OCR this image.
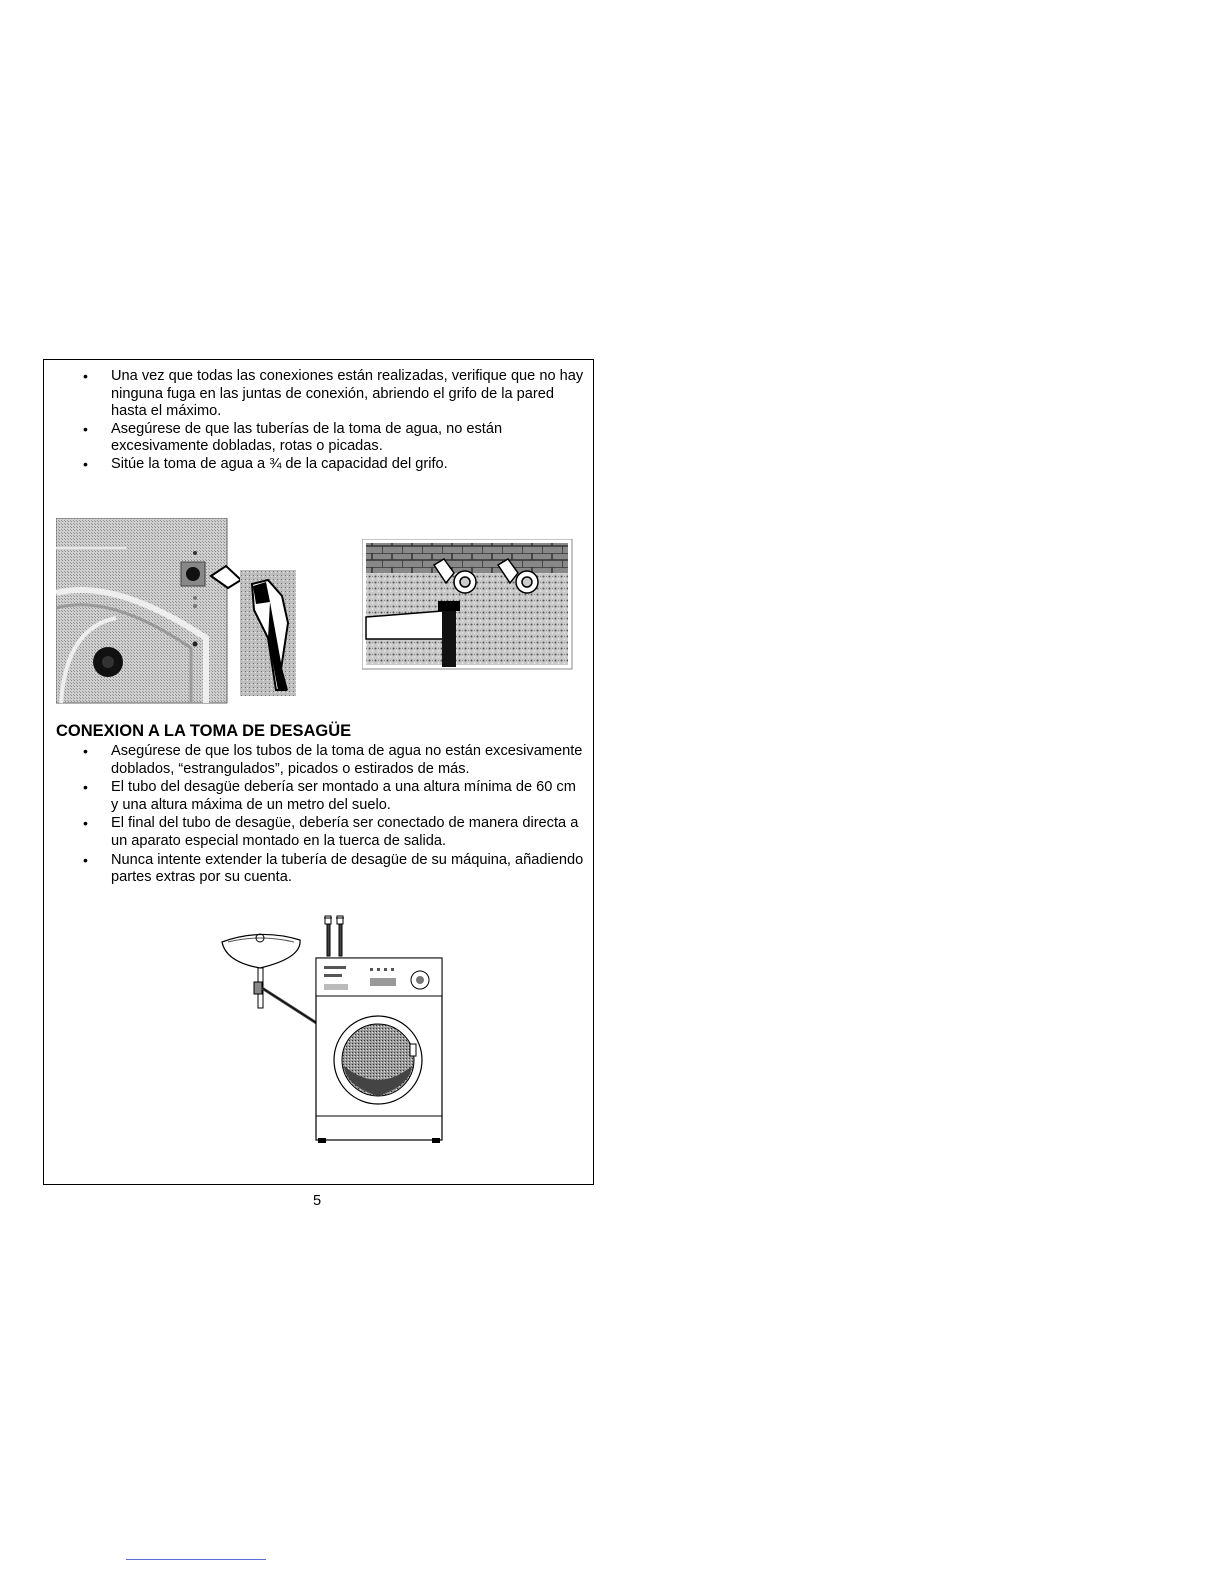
• Una vez que todas las conexiones están realizadas, verifique que no hay ninguna fuga en las juntas de conexión, abriendo el grifo de la pared hasta el máximo.
• Asegúrese de que las tuberías de la toma de agua, no están excesivamente dobladas, rotas o picadas.
• Sitúe la toma de agua a ¾ de la capacidad del grifo.
CONEXION A LA TOMA DE DESAGÜE
• Asegúrese de que los tubos de la toma de agua no están excesivamente doblados, “estrangulados”, picados o estirados de más.
• El tubo del desagüe debería ser montado a una altura mínima de 60 cm y una altura máxima de un metro del suelo.
• El final del tubo de desagüe, debería ser conectado de manera directa a un aparato especial montado en la tuerca de salida.
• Nunca intente extender la tubería de desagüe de su máquina, añadiendo partes extras por su cuenta.
5
